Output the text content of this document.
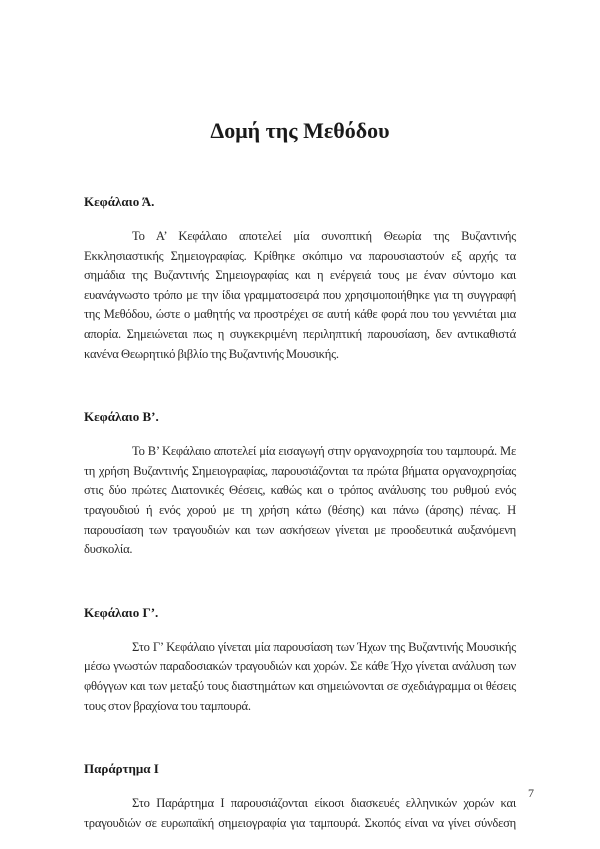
Δομή της Μεθόδου
Κεφάλαιο Ά.
Το Α’ Κεφάλαιο αποτελεί μία συνοπτική Θεωρία της Βυζαντινής
Εκκλησιαστικής Σημειογραφίας. Κρίθηκε σκόπιμο να παρουσιαστούν εξ αρχής τα
σημάδια της Βυζαντινής Σημειογραφίας και η ενέργειά τους με έναν σύντομο και
ευανάγνωστο τρόπο με την ίδια γραμματοσειρά που χρησιμοποιήθηκε για τη συγγραφή
της Μεθόδου, ώστε ο μαθητής να προστρέχει σε αυτή κάθε φορά που του γεννιέται μια
απορία. Σημειώνεται πως η συγκεκριμένη περιληπτική παρουσίαση, δεν αντικαθιστά
κανένα Θεωρητικό βιβλίο της Βυζαντινής Μουσικής.
Κεφάλαιο Β’.
Το Β’ Κεφάλαιο αποτελεί μία εισαγωγή στην οργανοχρησία του ταμπουρά. Με
τη χρήση Βυζαντινής Σημειογραφίας, παρουσιάζονται τα πρώτα βήματα οργανοχρησίας
στις δύο πρώτες Διατονικές Θέσεις, καθώς και ο τρόπος ανάλυσης του ρυθμού ενός
τραγουδιού ή ενός χορού με τη χρήση κάτω (θέσης) και πάνω (άρσης) πένας. Η
παρουσίαση των τραγουδιών και των ασκήσεων γίνεται με προοδευτικά αυξανόμενη
δυσκολία.
Κεφάλαιο Γ’.
Στο Γ’ Κεφάλαιο γίνεται μία παρουσίαση των Ήχων της Βυζαντινής Μουσικής
μέσω γνωστών παραδοσιακών τραγουδιών και χορών. Σε κάθε Ήχο γίνεται ανάλυση των
φθόγγων και των μεταξύ τους διαστημάτων και σημειώνονται σε σχεδιάγραμμα οι θέσεις
τους στον βραχίονα του ταμπουρά.
Παράρτημα Ι
Στο Παράρτημα Ι παρουσιάζονται είκοσι διασκευές ελληνικών χορών και
τραγουδιών σε ευρωπαϊκή σημειογραφία για ταμπουρά. Σκοπός είναι να γίνει σύνδεση
7
